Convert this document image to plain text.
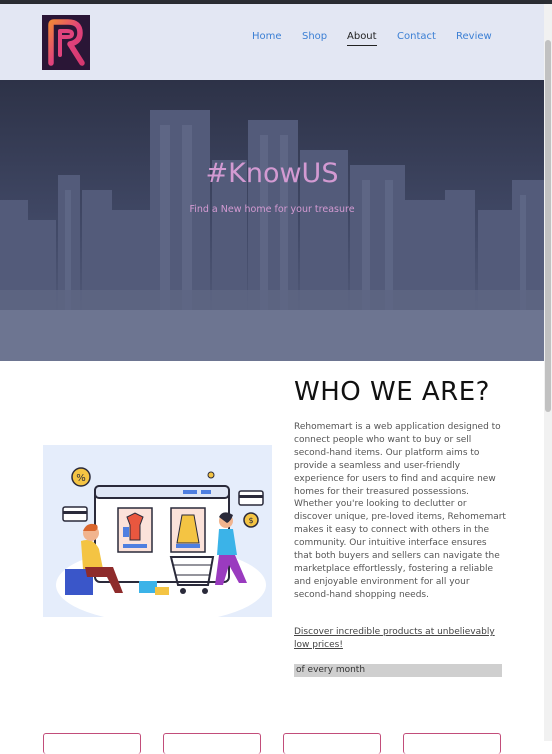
Home Shop About Contact Review
#KnowUS
Find a New home for your treasure
%
$
WHO WE ARE?

Rehomemart is a web application designed to connect people who want to buy or sell second-hand items. Our platform aims to provide a seamless and user-friendly experience for users to find and acquire new homes for their treasured possessions. Whether you're looking to declutter or discover unique, pre-loved items, Rehomemart makes it easy to connect with others in the community. Our intuitive interface ensures that both buyers and sellers can navigate the marketplace effortlessly, fostering a reliable and enjoyable environment for all your second-hand shopping needs.

Discover incredible products at unbelievably low prices!
of every month
